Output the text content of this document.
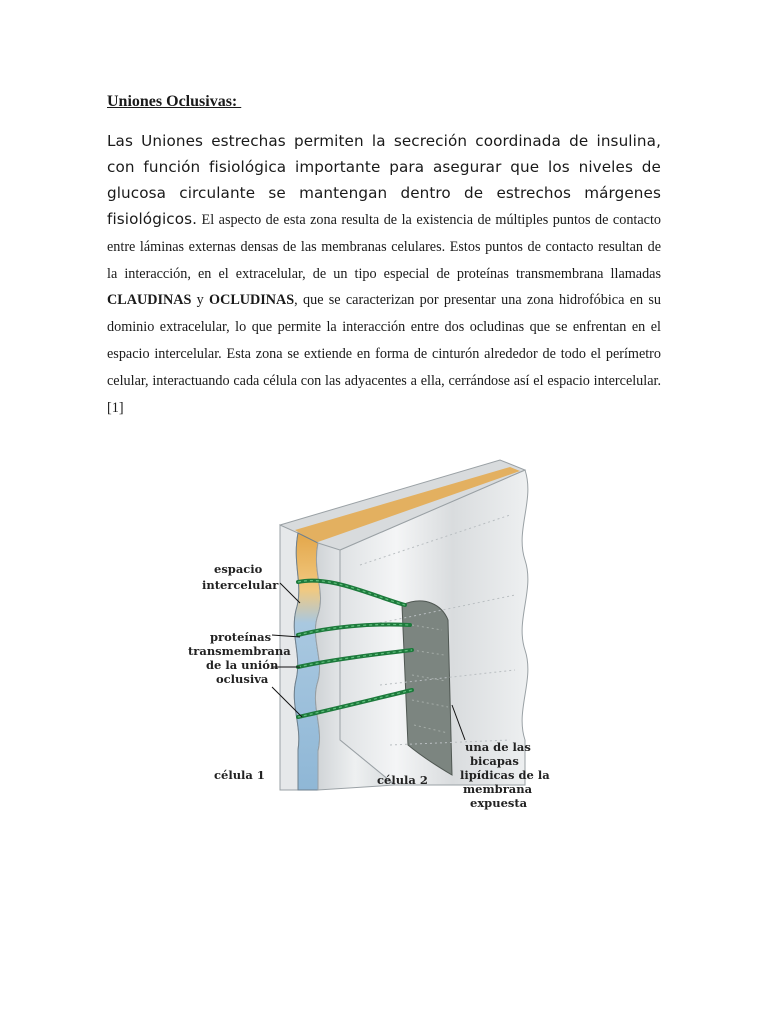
Uniones Oclusivas:

Las Uniones estrechas permiten la secreción coordinada de insulina, con función fisiológica importante para asegurar que los niveles de glucosa circulante se mantengan dentro de estrechos márgenes fisiológicos. El aspecto de esta zona resulta de la existencia de múltiples puntos de contacto entre láminas externas densas de las membranas celulares. Estos puntos de contacto resultan de la interacción, en el extracelular, de un tipo especial de proteínas transmembrana llamadas CLAUDINAS y OCLUDINAS, que se caracterizan por presentar una zona hidrofóbica en su dominio extracelular, lo que permite la interacción entre dos ocludinas que se enfrentan en el espacio intercelular. Esta zona se extiende en forma de cinturón alrededor de todo el perímetro celular, interactuando cada célula con las adyacentes a ella, cerrándose así el espacio intercelular. [1]

espacio
intercelular
proteínas
transmembrana
de la unión
oclusiva
célula 1	célula 2
una de las
bicapas
lipídicas de la
membrana
expuesta
